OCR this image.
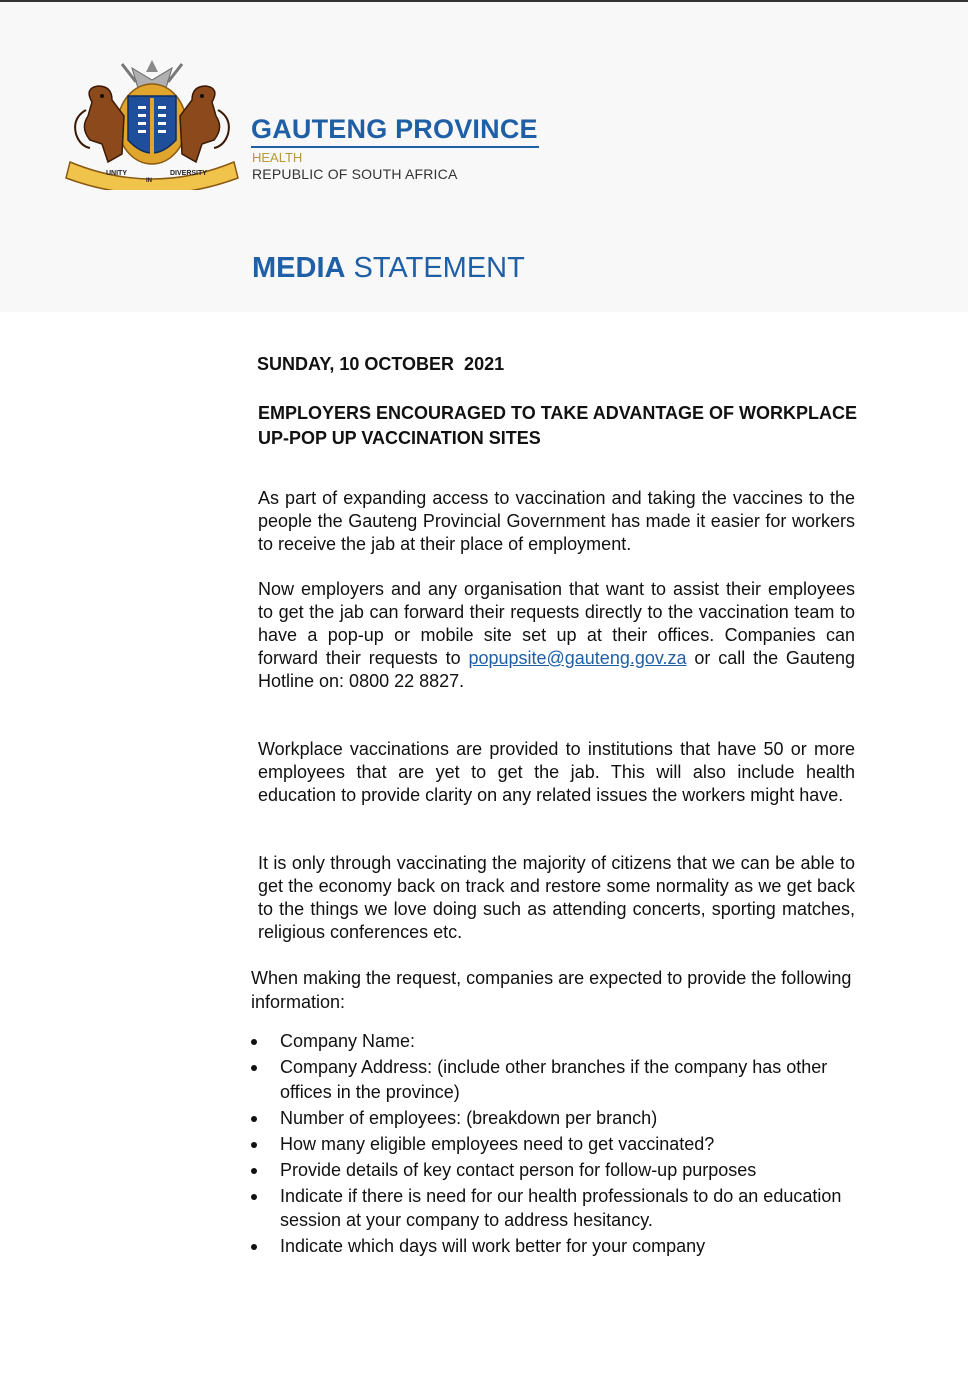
UNITY
IN
DIVERSITY
GAUTENG PROVINCE
HEALTH
REPUBLIC OF SOUTH AFRICA
MEDIA STATEMENT
SUNDAY, 10 OCTOBER  2021
EMPLOYERS ENCOURAGED TO TAKE ADVANTAGE OF WORKPLACE UP-POP UP VACCINATION SITES
As part of expanding access to vaccination and taking the vaccines to the people the Gauteng Provincial Government has made it easier for workers to receive the jab at their place of employment.
Now employers and any organisation that want to assist their employees to get the jab can forward their requests directly to the vaccination team to have a pop-up or mobile site set up at their offices. Companies can forward their requests to popupsite@gauteng.gov.za or call the Gauteng Hotline on: 0800 22 8827.
Workplace vaccinations are provided to institutions that have 50 or more employees that are yet to get the jab. This will also include health education to provide clarity on any related issues the workers might have.
It is only through vaccinating the majority of citizens that we can be able to get the economy back on track and restore some normality as we get back to the things we love doing such as attending concerts, sporting matches, religious conferences etc.
When making the request, companies are expected to provide the following information:
Company Name:
Company Address: (include other branches if the company has other offices in the province)
Number of employees: (breakdown per branch)
How many eligible employees need to get vaccinated?
Provide details of key contact person for follow-up purposes
Indicate if there is need for our health professionals to do an education session at your company to address hesitancy.
Indicate which days will work better for your company
